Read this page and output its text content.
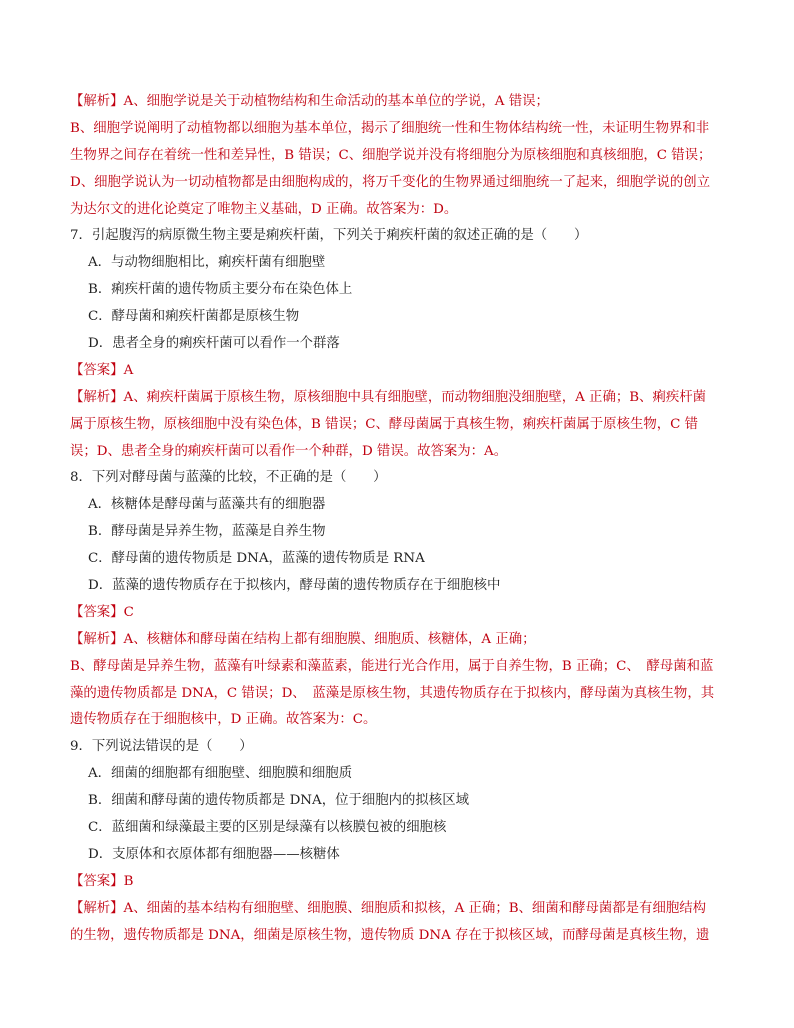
【解析】A、细胞学说是关于动植物结构和生命活动的基本单位的学说，A 错误；
B、细胞学说阐明了动植物都以细胞为基本单位，揭示了细胞统一性和生物体结构统一性，未证明生物界和非
生物界之间存在着统一性和差异性，B 错误；C、细胞学说并没有将细胞分为原核细胞和真核细胞，C 错误；
D、细胞学说认为一切动植物都是由细胞构成的，将万千变化的生物界通过细胞统一了起来，细胞学说的创立
为达尔文的进化论奠定了唯物主义基础，D 正确。故答案为：D。
7．引起腹泻的病原微生物主要是痢疾杆菌，下列关于痢疾杆菌的叙述正确的是（　　）
A．与动物细胞相比，痢疾杆菌有细胞壁
B．痢疾杆菌的遗传物质主要分布在染色体上
C．酵母菌和痢疾杆菌都是原核生物
D．患者全身的痢疾杆菌可以看作一个群落
【答案】A
【解析】A、痢疾杆菌属于原核生物，原核细胞中具有细胞壁，而动物细胞没细胞壁，A 正确；B、痢疾杆菌
属于原核生物，原核细胞中没有染色体，B 错误；C、酵母菌属于真核生物，痢疾杆菌属于原核生物，C 错
误；D、患者全身的痢疾杆菌可以看作一个种群，D 错误。故答案为：A。
8．下列对酵母菌与蓝藻的比较，不正确的是（　　）
A．核糖体是酵母菌与蓝藻共有的细胞器
B．酵母菌是异养生物，蓝藻是自养生物
C．酵母菌的遗传物质是 DNA，蓝藻的遗传物质是 RNA
D．蓝藻的遗传物质存在于拟核内，酵母菌的遗传物质存在于细胞核中
【答案】C
【解析】A、核糖体和酵母菌在结构上都有细胞膜、细胞质、核糖体，A 正确；
B、酵母菌是异养生物，蓝藻有叶绿素和藻蓝素，能进行光合作用，属于自养生物，B 正确；C、　酵母菌和蓝
藻的遗传物质都是 DNA，C 错误；D、　蓝藻是原核生物，其遗传物质存在于拟核内，酵母菌为真核生物，其
遗传物质存在于细胞核中，D 正确。故答案为：C。
9．下列说法错误的是（　　）
A．细菌的细胞都有细胞壁、细胞膜和细胞质
B．细菌和酵母菌的遗传物质都是 DNA，位于细胞内的拟核区域
C．蓝细菌和绿藻最主要的区别是绿藻有以核膜包被的细胞核
D．支原体和衣原体都有细胞器——核糖体
【答案】B
【解析】A、细菌的基本结构有细胞壁、细胞膜、细胞质和拟核，A 正确；B、细菌和酵母菌都是有细胞结构
的生物，遗传物质都是 DNA，细菌是原核生物，遗传物质 DNA 存在于拟核区域，而酵母菌是真核生物，遗
